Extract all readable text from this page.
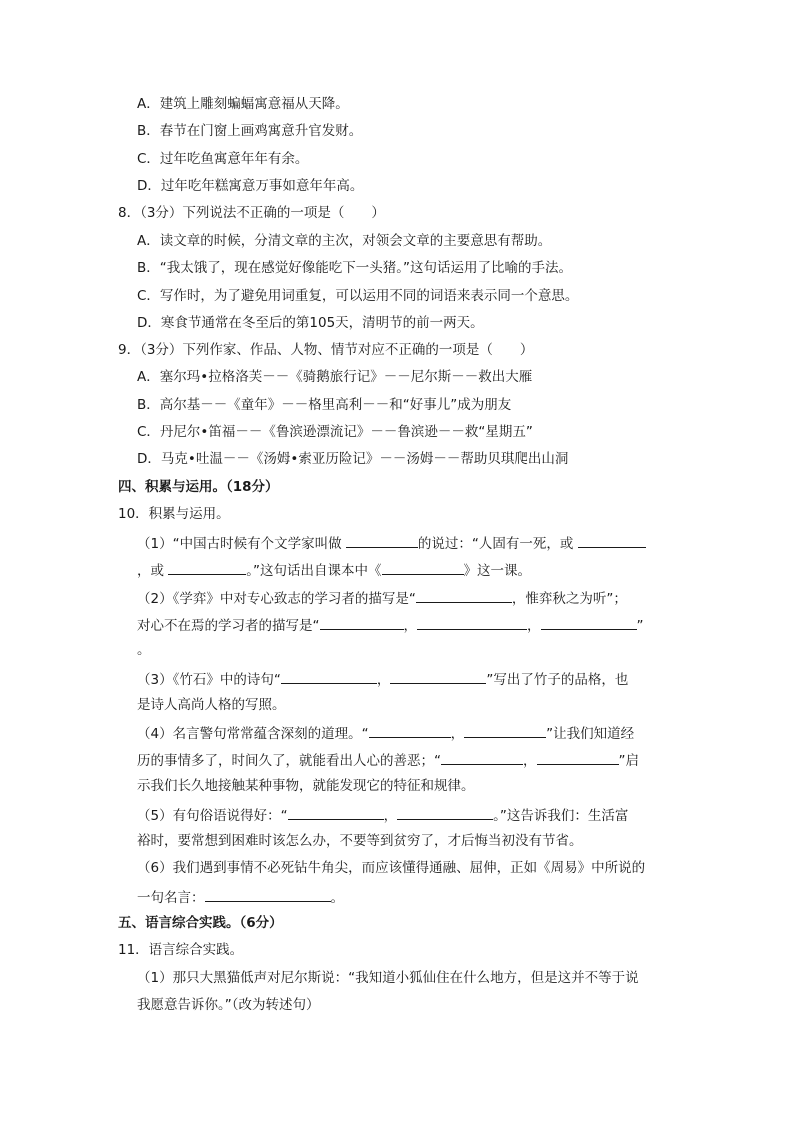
A．建筑上雕刻蝙蝠寓意福从天降。
B．春节在门窗上画鸡寓意升官发财。
C．过年吃鱼寓意年年有余。
D．过年吃年糕寓意万事如意年年高。
8．（3分）下列说法不正确的一项是（　　）
A．读文章的时候，分清文章的主次，对领会文章的主要意思有帮助。
B．“我太饿了，现在感觉好像能吃下一头猪。”这句话运用了比喻的手法。
C．写作时，为了避免用词重复，可以运用不同的词语来表示同一个意思。
D．寒食节通常在冬至后的第105天，清明节的前一两天。
9．（3分）下列作家、作品、人物、情节对应不正确的一项是（　　）
A．塞尔玛•拉格洛芙－－《骑鹅旅行记》－－尼尔斯－－救出大雁
B．高尔基－－《童年》－－格里高利－－和“好事儿”成为朋友
C．丹尼尔•笛福－－《鲁滨逊漂流记》－－鲁滨逊－－救“星期五”
D．马克•吐温－－《汤姆•索亚历险记》－－汤姆－－帮助贝琪爬出山洞
四、积累与运用。（18分）
10．积累与运用。
（1）“中国古时候有个文学家叫做	的说过：“人固有一死，或
，或	。”这句话出自课本中《	》这一课。
（2）《学弈》中对专心致志的学习者的描写是“	，惟弈秋之为听”；
对心不在焉的学习者的描写是“	，	，	”
。
（3）《竹石》中的诗句“	，	”写出了竹子的品格，也
是诗人高尚人格的写照。
（4）名言警句常常蕴含深刻的道理。“	，	”让我们知道经
历的事情多了，时间久了，就能看出人心的善恶；“	，	”启
示我们长久地接触某种事物，就能发现它的特征和规律。
（5）有句俗语说得好：“	，	。”这告诉我们：生活富
裕时，要常想到困难时该怎么办，不要等到贫穷了，才后悔当初没有节省。
（6）我们遇到事情不必死钻牛角尖，而应该懂得通融、屈伸，正如《周易》中所说的
一句名言：	。
五、语言综合实践。（6分）
11．语言综合实践。
（1）那只大黑猫低声对尼尔斯说：“我知道小狐仙住在什么地方，但是这并不等于说
我愿意告诉你。”（改为转述句）
